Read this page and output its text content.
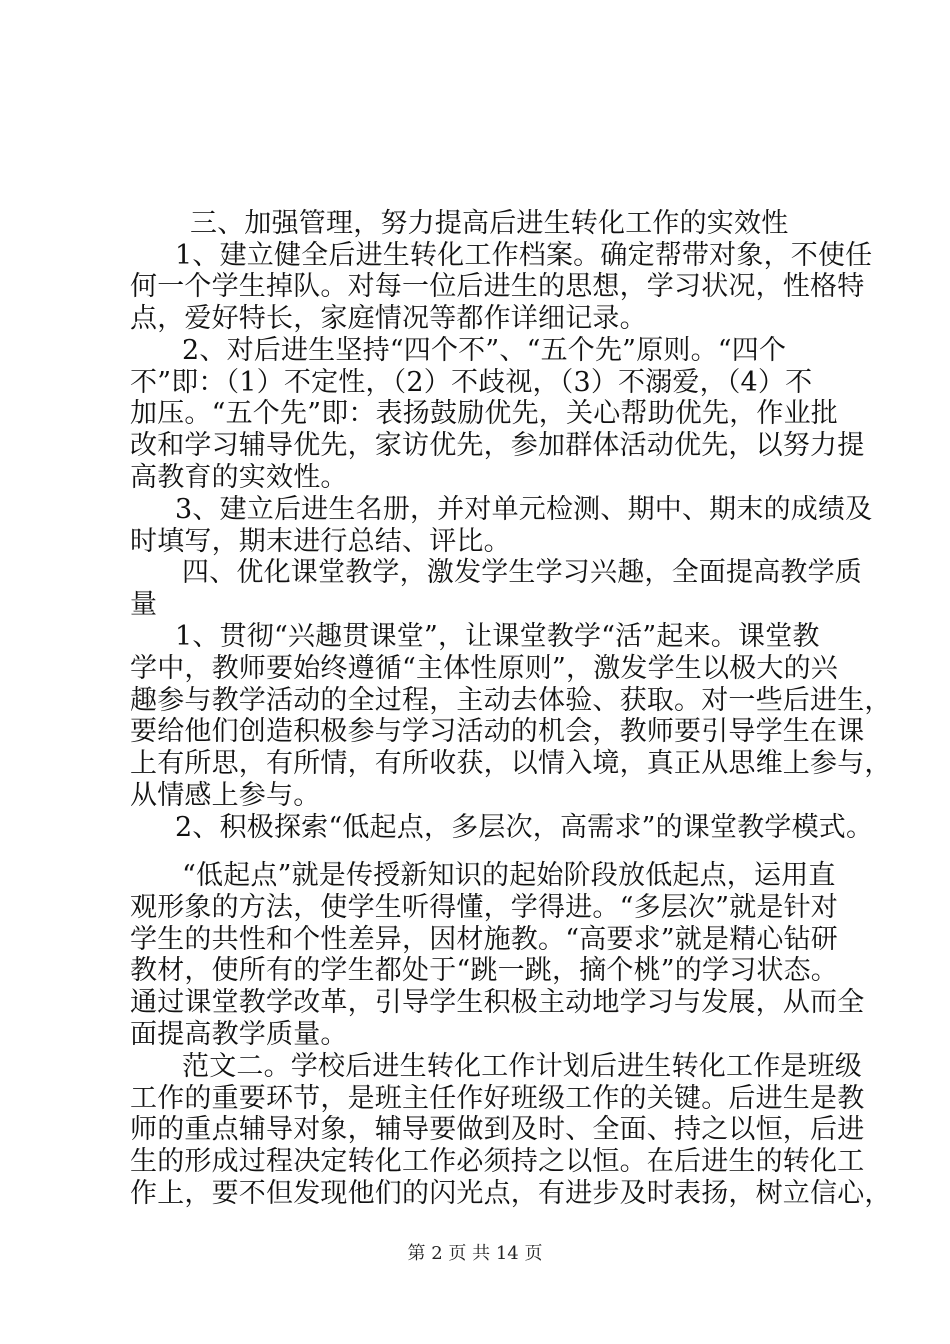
三、加强管理，努力提高后进生转化工作的实效性
1、建立健全后进生转化工作档案。确定帮带对象，不使任
何一个学生掉队。对每一位后进生的思想，学习状况，性格特
点，爱好特长，家庭情况等都作详细记录。
2、对后进生坚持“四个不”、“五个先”原则。“四个
不”即：（1）不定性，（2）不歧视，（3）不溺爱，（4）不
加压。“五个先”即：表扬鼓励优先，关心帮助优先，作业批
改和学习辅导优先，家访优先，参加群体活动优先，以努力提
高教育的实效性。
3、建立后进生名册，并对单元检测、期中、期末的成绩及
时填写，期末进行总结、评比。
四、优化课堂教学，激发学生学习兴趣，全面提高教学质
量
1、贯彻“兴趣贯课堂”，让课堂教学“活”起来。课堂教
学中，教师要始终遵循“主体性原则”，激发学生以极大的兴
趣参与教学活动的全过程，主动去体验、获取。对一些后进生，
要给他们创造积极参与学习活动的机会，教师要引导学生在课
上有所思，有所情，有所收获，以情入境，真正从思维上参与，
从情感上参与。
2、积极探索“低起点，多层次，高需求”的课堂教学模式。
“低起点”就是传授新知识的起始阶段放低起点，运用直
观形象的方法，使学生听得懂，学得进。“多层次”就是针对
学生的共性和个性差异，因材施教。“高要求”就是精心钻研
教材，使所有的学生都处于“跳一跳，摘个桃”的学习状态。
通过课堂教学改革，引导学生积极主动地学习与发展，从而全
面提高教学质量。
范文二。学校后进生转化工作计划后进生转化工作是班级
工作的重要环节，是班主任作好班级工作的关键。后进生是教
师的重点辅导对象，辅导要做到及时、全面、持之以恒，后进
生的形成过程决定转化工作必须持之以恒。在后进生的转化工
作上，要不但发现他们的闪光点，有进步及时表扬，树立信心，
第 2 页 共 14 页
